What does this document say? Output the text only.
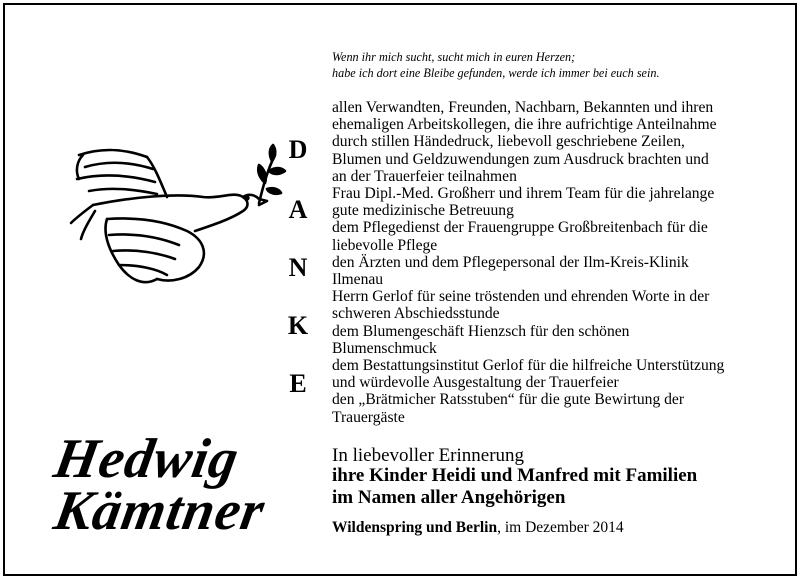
Wenn ihr mich sucht, sucht mich in euren Herzen;
habe ich dort eine Bleibe gefunden, werde ich immer bei euch sein.
D
A
N
K
E
allen Verwandten, Freunden, Nachbarn, Bekannten und ihren
ehemaligen Arbeitskollegen, die ihre aufrichtige Anteilnahme
durch stillen Händedruck, liebevoll geschriebene Zeilen,
Blumen und Geldzuwendungen zum Ausdruck brachten und
an der Trauerfeier teilnahmen
Frau Dipl.-Med. Großherr und ihrem Team für die jahrelange
gute medizinische Betreuung
dem Pflegedienst der Frauengruppe Großbreitenbach für die
liebevolle Pflege
den Ärzten und dem Pflegepersonal der Ilm-Kreis-Klinik
Ilmenau
Herrn Gerlof für seine tröstenden und ehrenden Worte in der
schweren Abschiedsstunde
dem Blumengeschäft Hienzsch für den schönen
Blumenschmuck
dem Bestattungsinstitut Gerlof für die hilfreiche Unterstützung
und würdevolle Ausgestaltung der Trauerfeier
den „Brätmicher Ratsstuben“ für die gute Bewirtung der
Trauergäste
Hedwig
Kämtner
In liebevoller Erinnerung
ihre Kinder Heidi und Manfred mit Familien
im Namen aller Angehörigen
Wildenspring und Berlin, im Dezember 2014
